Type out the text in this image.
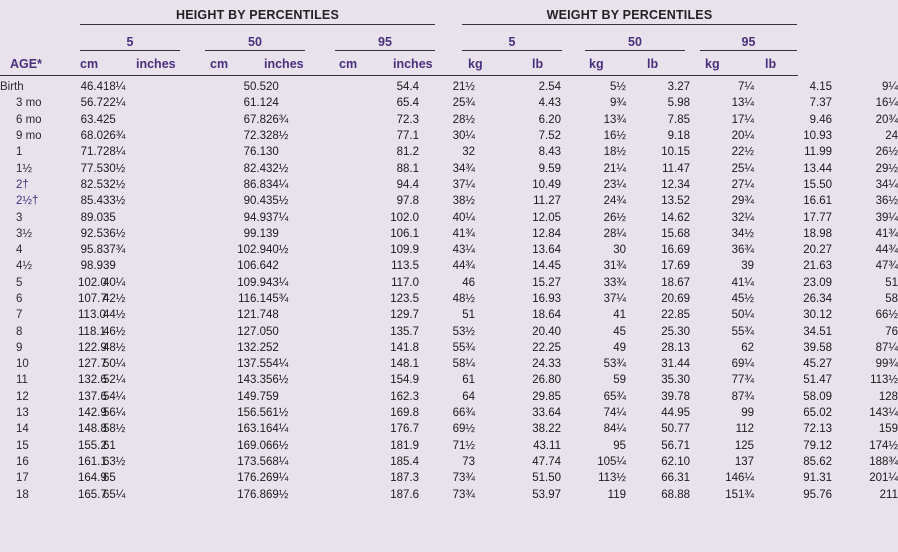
HEIGHT BY PERCENTILES	WEIGHT BY PERCENTILES
5	50	95	5	50	95
AGE*	cm	inches	cm	inches	cm	inches	kg	lb	kg	lb	kg	lb
Birth	46.4	18¼	50.5	20	54.4	21½	2.54	5½	3.27	7¼	4.15	9¼
3 mo	56.7	22¼	61.1	24	65.4	25¾	4.43	9¾	5.98	13¼	7.37	16¼
6 mo	63.4	25	67.8	26¾	72.3	28½	6.20	13¾	7.85	17¼	9.46	20¾
9 mo	68.0	26¾	72.3	28½	77.1	30¼	7.52	16½	9.18	20¼	10.93	24
1	71.7	28¼	76.1	30	81.2	32	8.43	18½	10.15	22½	11.99	26½
1½	77.5	30½	82.4	32½	88.1	34¾	9.59	21¼	11.47	25¼	13.44	29½
2†	82.5	32½	86.8	34¼	94.4	37¼	10.49	23¼	12.34	27¼	15.50	34¼
2½†	85.4	33½	90.4	35½	97.8	38½	11.27	24¾	13.52	29¾	16.61	36½
3	89.0	35	94.9	37¼	102.0	40¼	12.05	26½	14.62	32¼	17.77	39¼
3½	92.5	36½	99.1	39	106.1	41¾	12.84	28¼	15.68	34½	18.98	41¾
4	95.8	37¾	102.9	40½	109.9	43¼	13.64	30	16.69	36¾	20.27	44¾
4½	98.9	39	106.6	42	113.5	44¾	14.45	31¾	17.69	39	21.63	47¾
5	102.0	40¼	109.9	43¼	117.0	46	15.27	33¾	18.67	41¼	23.09	51
6	107.7	42½	116.1	45¾	123.5	48½	16.93	37¼	20.69	45½	26.34	58
7	113.0	44½	121.7	48	129.7	51	18.64	41	22.85	50¼	30.12	66½
8	118.1	46½	127.0	50	135.7	53½	20.40	45	25.30	55¾	34.51	76
9	122.9	48½	132.2	52	141.8	55¾	22.25	49	28.13	62	39.58	87¼
10	127.7	50¼	137.5	54¼	148.1	58¼	24.33	53¾	31.44	69¼	45.27	99¾
11	132.6	52¼	143.3	56½	154.9	61	26.80	59	35.30	77¾	51.47	113½
12	137.6	54¼	149.7	59	162.3	64	29.85	65¾	39.78	87¾	58.09	128
13	142.9	56¼	156.5	61½	169.8	66¾	33.64	74¼	44.95	99	65.02	143¼
14	148.8	58½	163.1	64¼	176.7	69½	38.22	84¼	50.77	112	72.13	159
15	155.2	61	169.0	66½	181.9	71½	43.11	95	56.71	125	79.12	174½
16	161.1	63½	173.5	68¼	185.4	73	47.74	105¼	62.10	137	85.62	188¾
17	164.9	65	176.2	69¼	187.3	73¾	51.50	113½	66.31	146¼	91.31	201¼
18	165.7	65¼	176.8	69½	187.6	73¾	53.97	119	68.88	151¾	95.76	211
